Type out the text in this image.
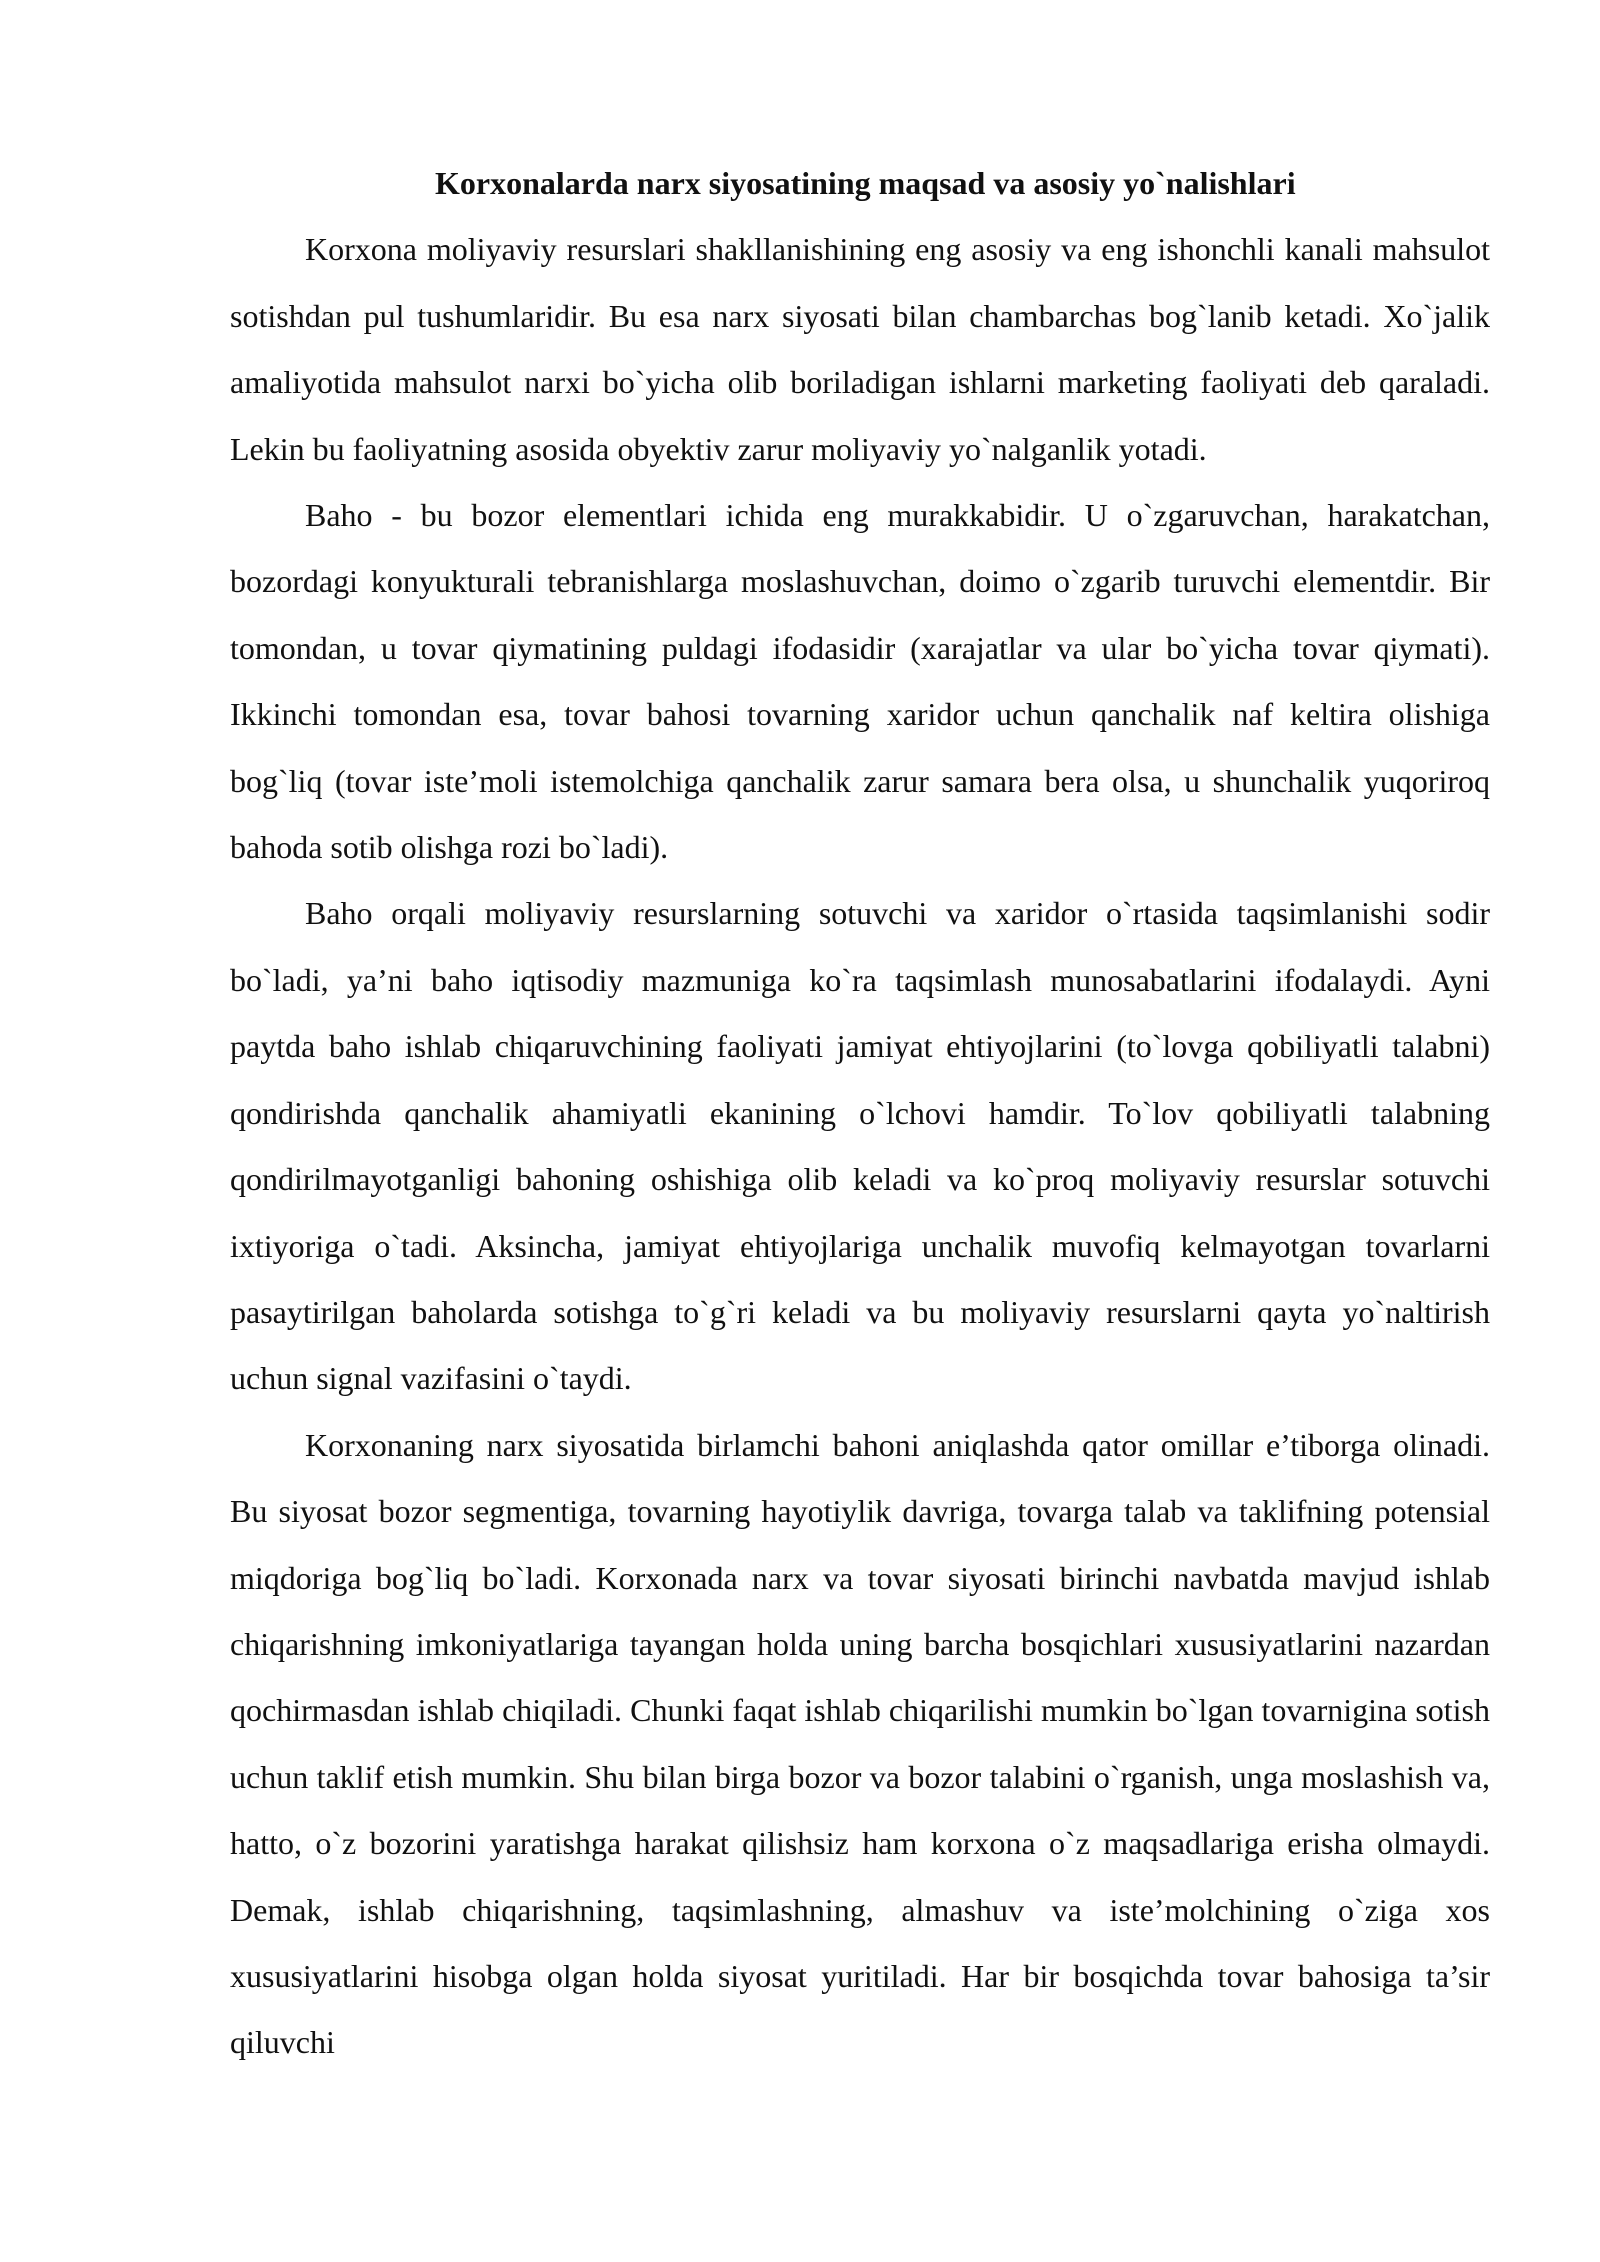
Korxonalarda narx siyosatining maqsad va asosiy yo`nalishlari

Korxona moliyaviy resurslari shakllanishining eng asosiy va eng ishonchli kanali mahsulot sotishdan pul tushumlaridir. Bu esa narx siyosati bilan chambarchas bog`lanib ketadi. Xo`jalik amaliyotida mahsulot narxi bo`yicha olib boriladigan ishlarni marketing faoliyati deb qaraladi. Lekin bu faoliyatning asosida obyektiv zarur moliyaviy yo`nalganlik yotadi.

Baho - bu bozor elementlari ichida eng murakkabidir. U o`zgaruvchan, harakatchan, bozordagi konyukturali tebranishlarga moslashuvchan, doimo o`zgarib turuvchi elementdir. Bir tomondan, u tovar qiymatining puldagi ifodasidir (xarajatlar va ular bo`yicha tovar qiymati). Ikkinchi tomondan esa, tovar bahosi tovarning xaridor uchun qanchalik naf keltira olishiga bog`liq (tovar iste’moli istemolchiga qanchalik zarur samara bera olsa, u shunchalik yuqoriroq bahoda sotib olishga rozi bo`ladi).

Baho orqali moliyaviy resurslarning sotuvchi va xaridor o`rtasida taqsimlanishi sodir bo`ladi, ya’ni baho iqtisodiy mazmuniga ko`ra taqsimlash munosabatlarini ifodalaydi. Ayni paytda baho ishlab chiqaruvchining faoliyati jamiyat ehtiyojlarini (to`lovga qobiliyatli talabni) qondirishda qanchalik ahamiyatli ekanining o`lchovi hamdir. To`lov qobiliyatli talabning qondirilmayotganligi bahoning oshishiga olib keladi va ko`proq moliyaviy resurslar sotuvchi ixtiyoriga o`tadi. Aksincha, jamiyat ehtiyojlariga unchalik muvofiq kelmayotgan tovarlarni pasaytirilgan baholarda sotishga to`g`ri keladi va bu moliyaviy resurslarni qayta yo`naltirish uchun signal vazifasini o`taydi.

Korxonaning narx siyosatida birlamchi bahoni aniqlashda qator omillar e’tiborga olinadi. Bu siyosat bozor segmentiga, tovarning hayotiylik davriga, tovarga talab va taklifning potensial miqdoriga bog`liq bo`ladi. Korxonada narx va tovar siyosati birinchi navbatda mavjud ishlab chiqarishning imkoniyatlariga tayangan holda uning barcha bosqichlari xususiyatlarini nazardan qochirmasdan ishlab chiqiladi. Chunki faqat ishlab chiqarilishi mumkin bo`lgan tovarnigina sotish uchun taklif etish mumkin. Shu bilan birga bozor va bozor talabini o`rganish, unga moslashish va, hatto, o`z bozorini yaratishga harakat qilishsiz ham korxona o`z maqsadlariga erisha olmaydi. Demak, ishlab chiqarishning, taqsimlashning, almashuv va iste’molchining o`ziga xos xususiyatlarini hisobga olgan holda siyosat yuritiladi. Har bir bosqichda tovar bahosiga ta’sir qiluvchi
